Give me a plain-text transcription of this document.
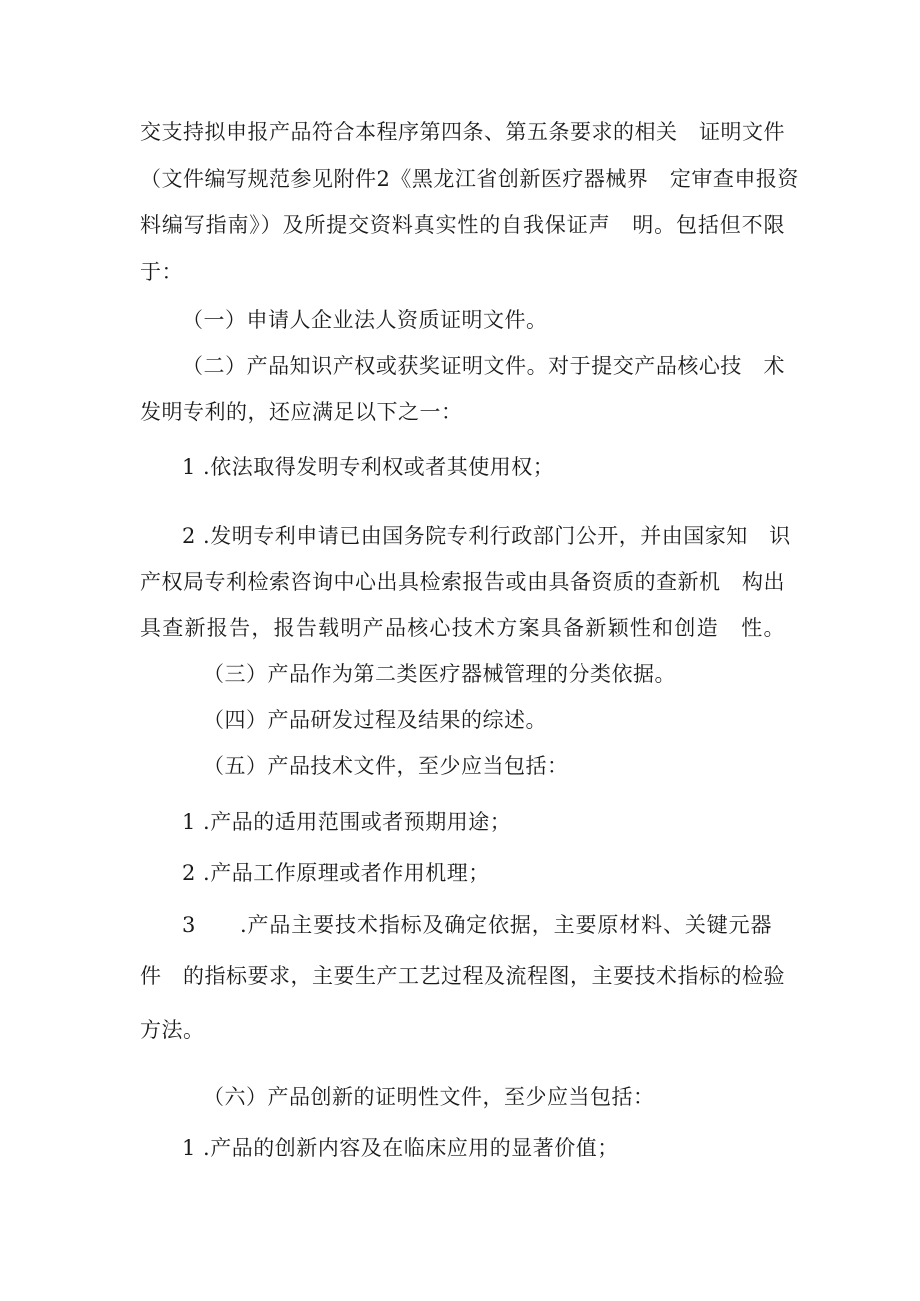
交支持拟申报产品符合本程序第四条、第五条要求的相关　证明文件
（文件编写规范参见附件2《黑龙江省创新医疗器械界　定审查申报资
料编写指南》）及所提交资料真实性的自我保证声　明。包括但不限
于：
（一）申请人企业法人资质证明文件。
（二）产品知识产权或获奖证明文件。对于提交产品核心技　术
发明专利的，还应满足以下之一：
1 .依法取得发明专利权或者其使用权；
2 .发明专利申请已由国务院专利行政部门公开，并由国家知　识
产权局专利检索咨询中心出具检索报告或由具备资质的查新机　构出
具查新报告，报告载明产品核心技术方案具备新颖性和创造　性。
（三）产品作为第二类医疗器械管理的分类依据。
（四）产品研发过程及结果的综述。
（五）产品技术文件，至少应当包括：
1 .产品的适用范围或者预期用途；
2 .产品工作原理或者作用机理；
3　　.产品主要技术指标及确定依据，主要原材料、关键元器
件　的指标要求，主要生产工艺过程及流程图，主要技术指标的检验
方法。
（六）产品创新的证明性文件，至少应当包括：
1 .产品的创新内容及在临床应用的显著价值；
